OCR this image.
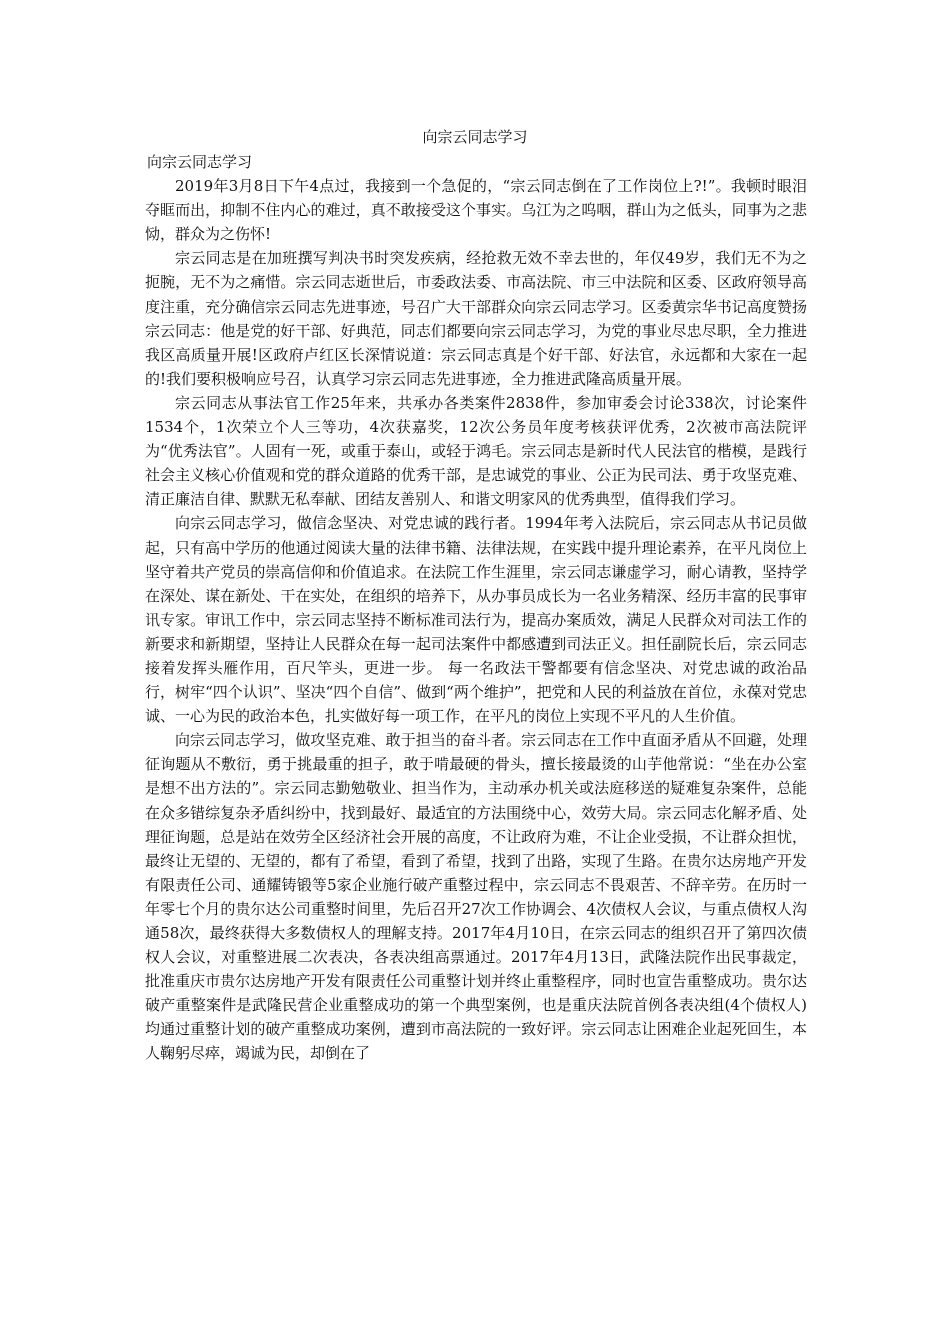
向宗云同志学习

向宗云同志学习

2019年3月8日下午4点过，我接到一个急促的，“宗云同志倒在了工作岗位上?!”。我顿时眼泪夺眶而出，抑制不住内心的难过，真不敢接受这个事实。乌江为之呜咽，群山为之低头，同事为之悲恸，群众为之伤怀!

宗云同志是在加班撰写判决书时突发疾病，经抢救无效不幸去世的，年仅49岁，我们无不为之扼腕，无不为之痛惜。宗云同志逝世后，市委政法委、市高法院、市三中法院和区委、区政府领导高度注重，充分确信宗云同志先进事迹，号召广大干部群众向宗云同志学习。区委黄宗华书记高度赞扬宗云同志：他是党的好干部、好典范，同志们都要向宗云同志学习，为党的事业尽忠尽职，全力推进我区高质量开展!区政府卢红区长深情说道：宗云同志真是个好干部、好法官，永远都和大家在一起的!我们要积极响应号召，认真学习宗云同志先进事迹，全力推进武隆高质量开展。

宗云同志从事法官工作25年来，共承办各类案件2838件，参加审委会讨论338次，讨论案件1534个，1次荣立个人三等功，4次获嘉奖，12次公务员年度考核获评优秀，2次被市高法院评为“优秀法官”。人固有一死，或重于泰山，或轻于鸿毛。宗云同志是新时代人民法官的楷模，是践行社会主义核心价值观和党的群众道路的优秀干部，是忠诚党的事业、公正为民司法、勇于攻坚克难、清正廉洁自律、默默无私奉献、团结友善别人、和谐文明家风的优秀典型，值得我们学习。

向宗云同志学习，做信念坚决、对党忠诚的践行者。1994年考入法院后，宗云同志从书记员做起，只有高中学历的他通过阅读大量的法律书籍、法律法规，在实践中提升理论素养，在平凡岗位上坚守着共产党员的崇高信仰和价值追求。在法院工作生涯里，宗云同志谦虚学习，耐心请教，坚持学在深处、谋在新处、干在实处，在组织的培养下，从办事员成长为一名业务精深、经历丰富的民事审讯专家。审讯工作中，宗云同志坚持不断标准司法行为，提高办案质效，满足人民群众对司法工作的新要求和新期望，坚持让人民群众在每一起司法案件中都感遭到司法正义。担任副院长后，宗云同志接着发挥头雁作用，百尺竿头，更进一步。 每一名政法干警都要有信念坚决、对党忠诚的政治品行，树牢“四个认识”、坚决“四个自信”、做到“两个维护”，把党和人民的利益放在首位，永葆对党忠诚、一心为民的政治本色，扎实做好每一项工作，在平凡的岗位上实现不平凡的人生价值。

向宗云同志学习，做攻坚克难、敢于担当的奋斗者。宗云同志在工作中直面矛盾从不回避，处理征询题从不敷衍，勇于挑最重的担子，敢于啃最硬的骨头，擅长接最烫的山芋他常说：“坐在办公室是想不出方法的”。宗云同志勤勉敬业、担当作为，主动承办机关或法庭移送的疑难复杂案件，总能在众多错综复杂矛盾纠纷中，找到最好、最适宜的方法围绕中心，效劳大局。宗云同志化解矛盾、处理征询题，总是站在效劳全区经济社会开展的高度，不让政府为难，不让企业受损，不让群众担忧，最终让无望的、无望的，都有了希望，看到了希望，找到了出路，实现了生路。在贵尔达房地产开发有限责任公司、通耀铸锻等5家企业施行破产重整过程中，宗云同志不畏艰苦、不辞辛劳。在历时一年零七个月的贵尔达公司重整时间里，先后召开27次工作协调会、4次债权人会议，与重点债权人沟通58次，最终获得大多数债权人的理解支持。2017年4月10日，在宗云同志的组织召开了第四次债权人会议，对重整进展二次表决，各表决组高票通过。2017年4月13日，武隆法院作出民事裁定，批准重庆市贵尔达房地产开发有限责任公司重整计划并终止重整程序，同时也宣告重整成功。贵尔达破产重整案件是武隆民营企业重整成功的第一个典型案例，也是重庆法院首例各表决组(4个债权人)均通过重整计划的破产重整成功案例，遭到市高法院的一致好评。宗云同志让困难企业起死回生，本人鞠躬尽瘁，竭诚为民，却倒在了
